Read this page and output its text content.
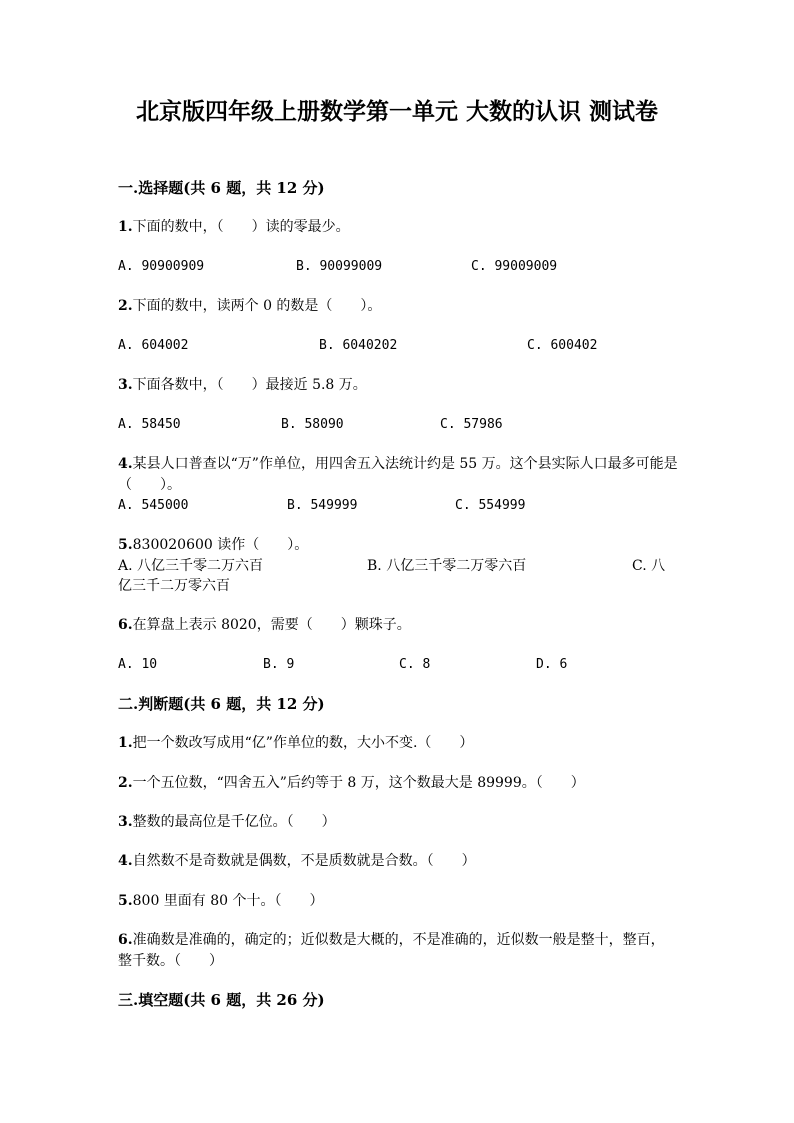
北京版四年级上册数学第一单元 大数的认识 测试卷
一.选择题(共 6 题，共 12 分)
1.下面的数中，（　　）读的零最少。
A. 90900909	B. 90099009	C. 99009009
2.下面的数中，读两个 0 的数是（　　）。
A. 604002	B. 6040202	C. 600402
3.下面各数中，（　　）最接近 5.8 万。
A. 58450	B. 58090	C. 57986
4.某县人口普查以“万”作单位，用四舍五入法统计约是 55 万。这个县实际人口最多可能是（　　）。
A. 545000	B. 549999	C. 554999
5.830020600 读作（　　）。
A. 八亿三千零二万六百	B. 八亿三千零二万零六百	C. 八
亿三千二万零六百
6.在算盘上表示 8020，需要（　　）颗珠子。
A. 10	B. 9	C. 8	D. 6
二.判断题(共 6 题，共 12 分)
1.把一个数改写成用“亿”作单位的数，大小不变.（　　）
2.一个五位数，“四舍五入”后约等于 8 万，这个数最大是 89999。（　　）
3.整数的最高位是千亿位。（　　）
4.自然数不是奇数就是偶数，不是质数就是合数。（　　）
5.800 里面有 80 个十。（　　）
6.准确数是准确的，确定的；近似数是大概的，不是准确的，近似数一般是整十，整百，整千数。（　　）
三.填空题(共 6 题，共 26 分)
